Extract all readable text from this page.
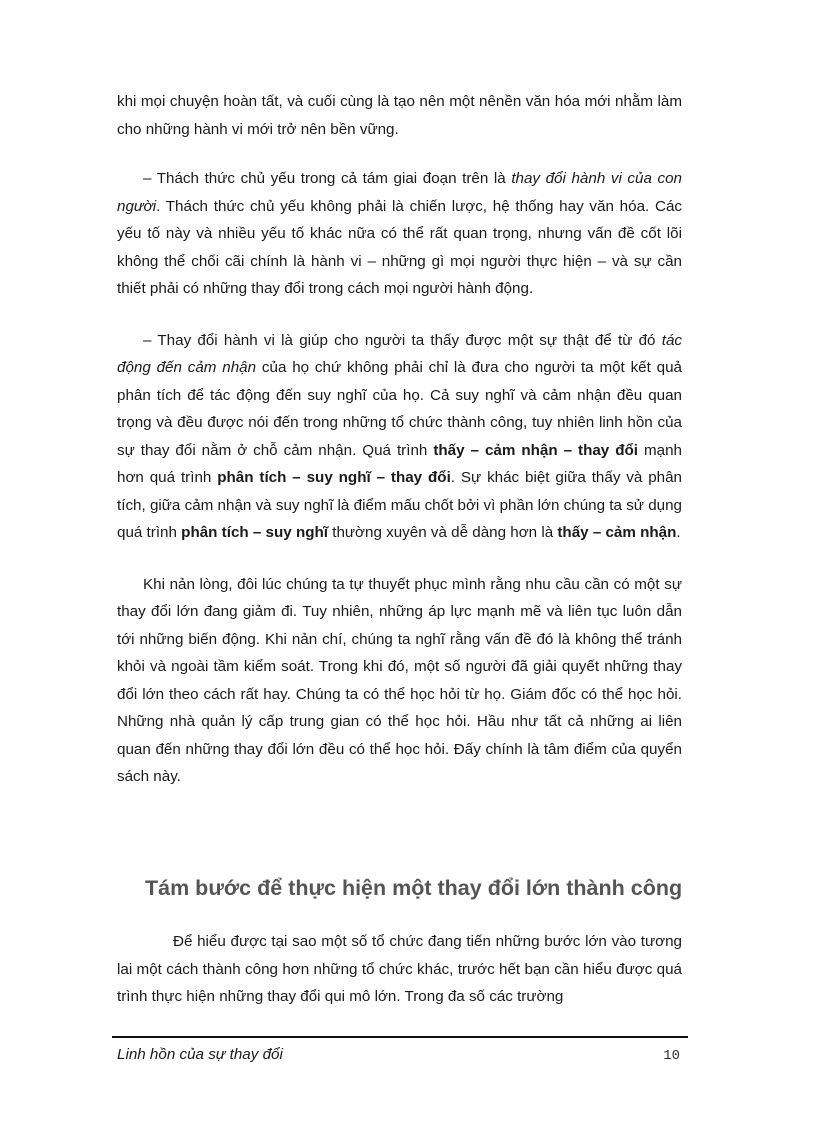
khi mọi chuyện hoàn tất, và cuối cùng là tạo nên một nênền văn hóa mới nhằm làm cho những hành vi mới trở nên bền vững.

– Thách thức chủ yếu trong cả tám giai đoạn trên là thay đổi hành vi của con người. Thách thức chủ yếu không phải là chiến lược, hệ thống hay văn hóa. Các yếu tố này và nhiều yếu tố khác nữa có thể rất quan trọng, nhưng vấn đề cốt lõi không thể chối cãi chính là hành vi – những gì mọi người thực hiện – và sự cần thiết phải có những thay đổi trong cách mọi người hành động.

– Thay đổi hành vi là giúp cho người ta thấy được một sự thật để từ đó tác động đến cảm nhận của họ chứ không phải chỉ là đưa cho người ta một kết quả phân tích để tác động đến suy nghĩ của họ. Cả suy nghĩ và cảm nhận đều quan trọng và đều được nói đến trong những tổ chức thành công, tuy nhiên linh hồn của sự thay đổi nằm ở chỗ cảm nhận. Quá trình thấy – cảm nhận – thay đổi mạnh hơn quá trình phân tích – suy nghĩ – thay đổi. Sự khác biệt giữa thấy và phân tích, giữa cảm nhận và suy nghĩ là điểm mấu chốt bởi vì phần lớn chúng ta sử dụng quá trình phân tích – suy nghĩ thường xuyên và dễ dàng hơn là thấy – cảm nhận.

Khi nản lòng, đôi lúc chúng ta tự thuyết phục mình rằng nhu cầu cần có một sự thay đổi lớn đang giảm đi. Tuy nhiên, những áp lực mạnh mẽ và liên tục luôn dẫn tới những biến động. Khi nản chí, chúng ta nghĩ rằng vấn đề đó là không thể tránh khỏi và ngoài tầm kiểm soát. Trong khi đó, một số người đã giải quyết những thay đổi lớn theo cách rất hay. Chúng ta có thể học hỏi từ họ. Giám đốc có thể học hỏi. Những nhà quản lý cấp trung gian có thể học hỏi. Hầu như tất cả những ai liên quan đến những thay đổi lớn đều có thể học hỏi. Đấy chính là tâm điểm của quyển sách này.

Tám bước để thực hiện một thay đổi lớn thành công

Để hiểu được tại sao một số tổ chức đang tiến những bước lớn vào tương lai một cách thành công hơn những tổ chức khác, trước hết bạn cần hiểu được quá trình thực hiện những thay đổi qui mô lớn. Trong đa số các trường

Linh hồn của sự thay đổi	10
